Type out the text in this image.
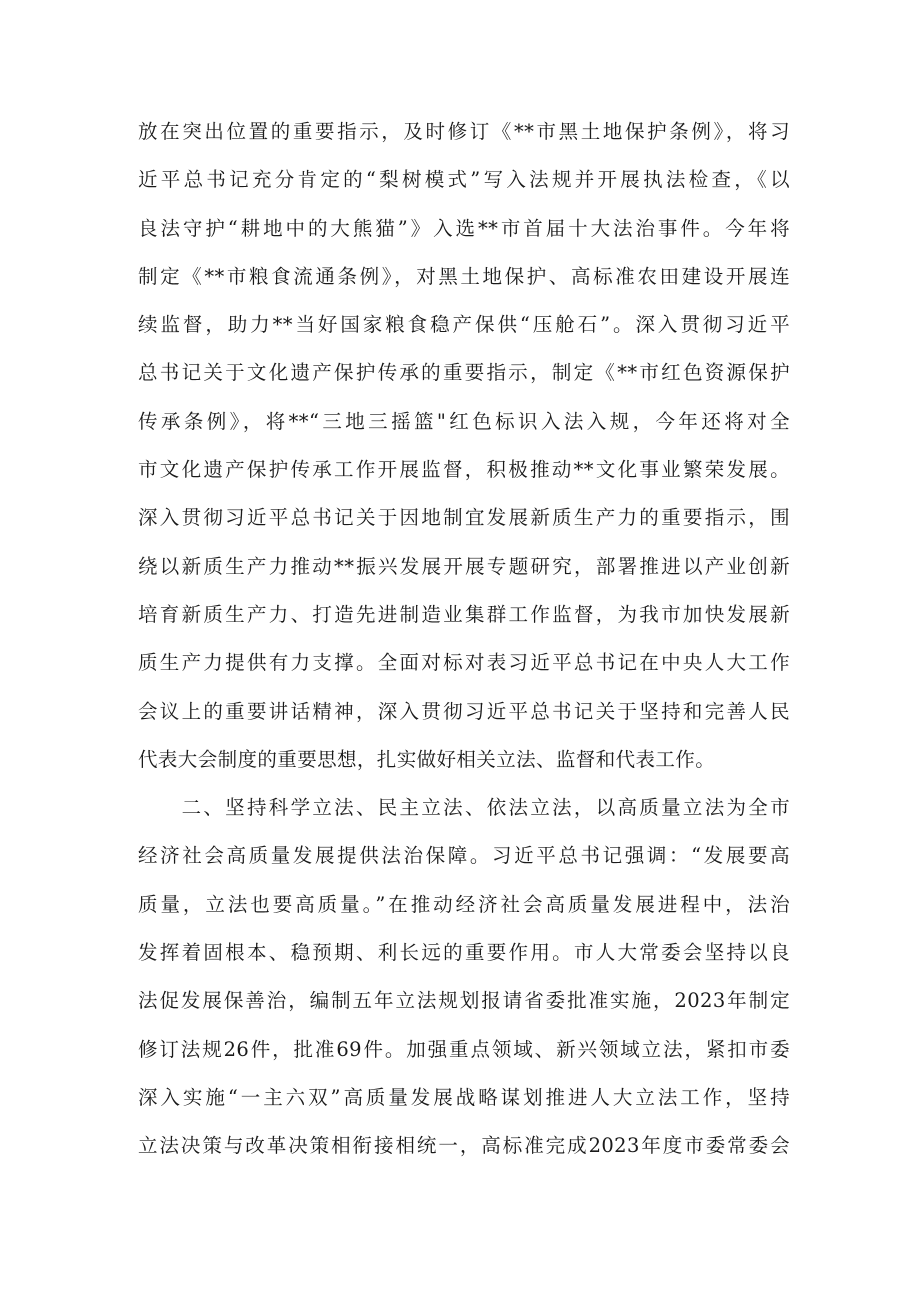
放在突出位置的重要指示，及时修订《**市黑土地保护条例》，将习
近平总书记充分肯定的“梨树模式”写入法规并开展执法检查，《以
良法守护“耕地中的大熊猫”》入选**市首届十大法治事件。今年将
制定《**市粮食流通条例》，对黑土地保护、高标准农田建设开展连
续监督，助力**当好国家粮食稳产保供“压舱石”。深入贯彻习近平
总书记关于文化遗产保护传承的重要指示，制定《**市红色资源保护
传承条例》，将**“三地三摇篮"红色标识入法入规，今年还将对全
市文化遗产保护传承工作开展监督，积极推动**文化事业繁荣发展。
深入贯彻习近平总书记关于因地制宜发展新质生产力的重要指示，围
绕以新质生产力推动**振兴发展开展专题研究，部署推进以产业创新
培育新质生产力、打造先进制造业集群工作监督，为我市加快发展新
质生产力提供有力支撑。全面对标对表习近平总书记在中央人大工作
会议上的重要讲话精神，深入贯彻习近平总书记关于坚持和完善人民
代表大会制度的重要思想，扎实做好相关立法、监督和代表工作。
　　二、坚持科学立法、民主立法、依法立法，以高质量立法为全市
经济社会高质量发展提供法治保障。习近平总书记强调：“发展要高
质量，立法也要高质量。”在推动经济社会高质量发展进程中，法治
发挥着固根本、稳预期、利长远的重要作用。市人大常委会坚持以良
法促发展保善治，编制五年立法规划报请省委批准实施，2023年制定
修订法规26件，批准69件。加强重点领域、新兴领域立法，紧扣市委
深入实施“一主六双”高质量发展战略谋划推进人大立法工作，坚持
立法决策与改革决策相衔接相统一，高标准完成2023年度市委常委会
